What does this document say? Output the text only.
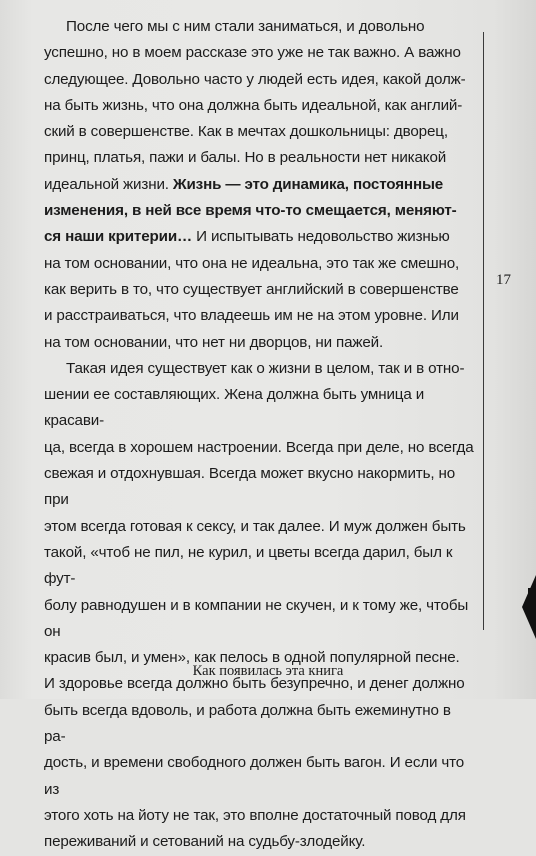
После чего мы с ним стали заниматься, и довольно
успешно, но в моем рассказе это уже не так важно. А важно
следующее. Довольно часто у людей есть идея, какой долж-
на быть жизнь, что она должна быть идеальной, как англий-
ский в совершенстве. Как в мечтах дошкольницы: дворец,
принц, платья, пажи и балы. Но в реальности нет никакой
идеальной жизни. Жизнь — это динамика, постоянные
изменения, в ней все время что-то смещается, меняют-
ся наши критерии… И испытывать недовольство жизнью
на том основании, что она не идеальна, это так же смешно,
как верить в то, что существует английский в совершенстве
и расстраиваться, что владеешь им не на этом уровне. Или
на том основании, что нет ни дворцов, ни пажей.

Такая идея существует как о жизни в целом, так и в отно-
шении ее составляющих. Жена должна быть умница и красави-
ца, всегда в хорошем настроении. Всегда при деле, но всегда
свежая и отдохнувшая. Всегда может вкусно накормить, но при
этом всегда готовая к сексу, и так далее. И муж должен быть
такой, «чтоб не пил, не курил, и цветы всегда дарил, был к фут-
болу равнодушен и в компании не скучен, и к тому же, чтобы он
красив был, и умен», как пелось в одной популярной песне.
И здоровье всегда должно быть безупречно, и денег должно
быть всегда вдоволь, и работа должна быть ежеминутно в ра-
дость, и времени свободного должен быть вагон. И если что из
этого хоть на йоту не так, это вполне достаточный повод для
переживаний и сетований на судьбу-злодейку.

17
Как появилась эта книга
